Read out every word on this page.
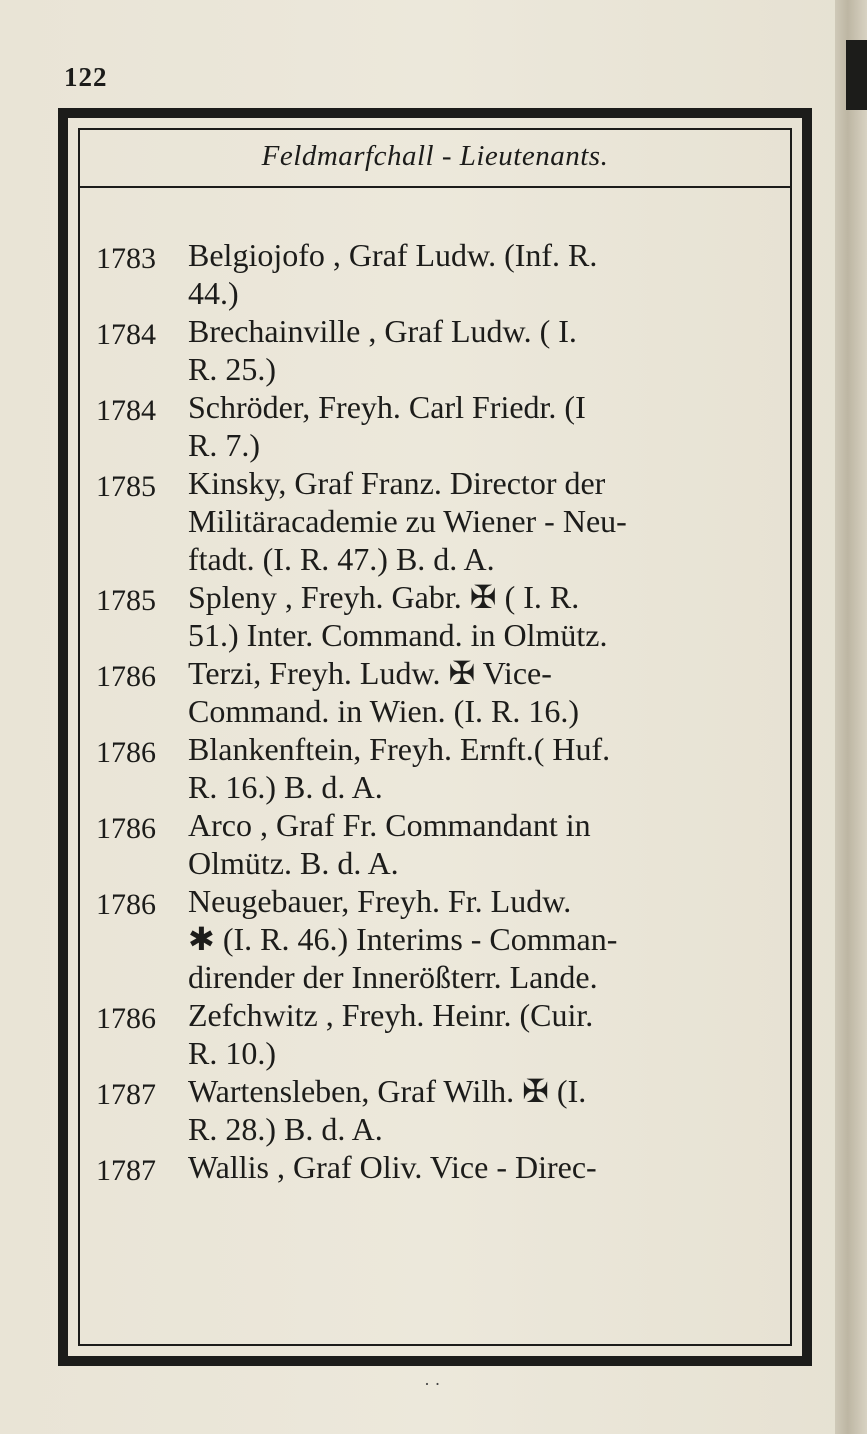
122
Feldmarfchall - Lieutenants.
1783	Belgiojofo , Graf Ludw. (Inf. R.
44.)
1784	Brechainville , Graf Ludw. ( I.
R. 25.)
1784	Schröder, Freyh. Carl Friedr. (I
R. 7.)
1785	Kinsky, Graf Franz. Director der
Militäracademie zu Wiener - Neu-
ftadt. (I. R. 47.) B. d. A.
1785	Spleny , Freyh. Gabr. ✠ ( I. R.
51.) Inter. Command. in Olmütz.
1786	Terzi, Freyh. Ludw. ✠ Vice-
Command. in Wien. (I. R. 16.)
1786	Blankenftein, Freyh. Ernft.( Huf.
R. 16.) B. d. A.
1786	Arco , Graf Fr. Commandant in
Olmütz. B. d. A.
1786	Neugebauer, Freyh. Fr. Ludw.
✱ (I. R. 46.) Interims - Comman-
dirender der Innerößterr. Lande.
1786	Zefchwitz , Freyh. Heinr. (Cuir.
R. 10.)
1787	Wartensleben, Graf Wilh. ✠ (I.
R. 28.) B. d. A.
1787	Wallis , Graf Oliv. Vice - Direc-
· ·
